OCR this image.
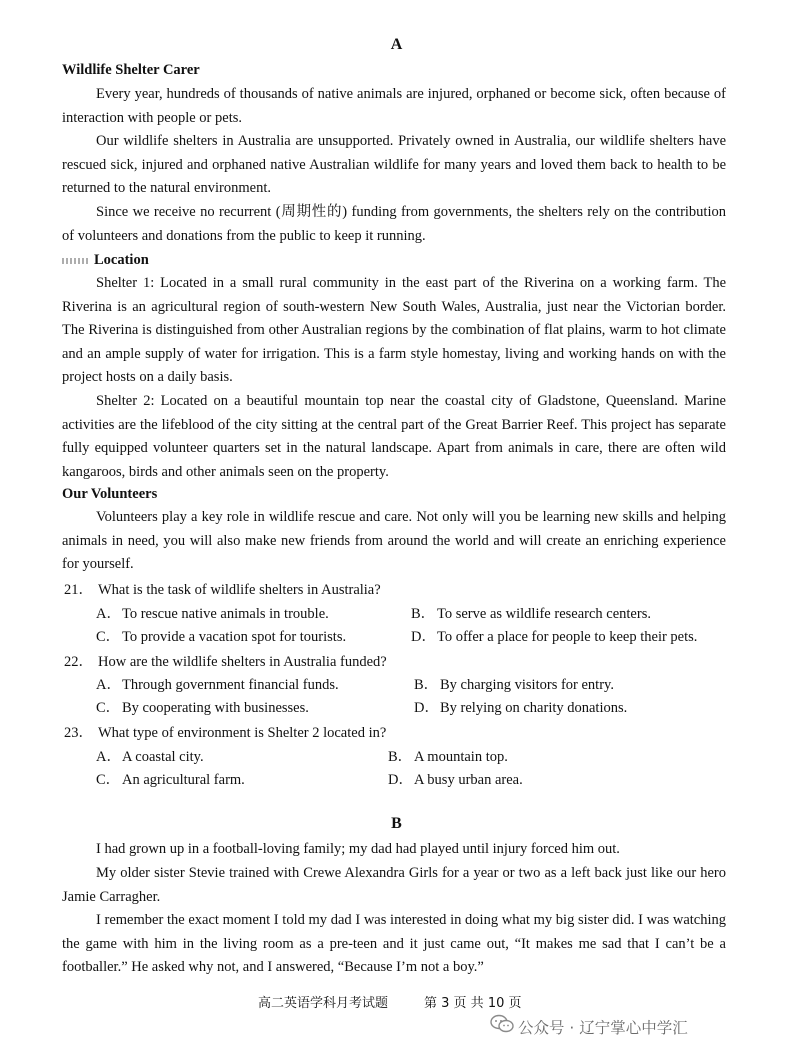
A
Wildlife Shelter Carer

Every year, hundreds of thousands of native animals are injured, orphaned or become sick, often because of interaction with people or pets.

Our wildlife shelters in Australia are unsupported. Privately owned in Australia, our wildlife shelters have rescued sick, injured and orphaned native Australian wildlife for many years and loved them back to health to be returned to the natural environment.

Since we receive no recurrent (周期性的) funding from governments, the shelters rely on the contribution of volunteers and donations from the public to keep it running.

Location

Shelter 1: Located in a small rural community in the east part of the Riverina on a working farm. The Riverina is an agricultural region of south-western New South Wales, Australia, just near the Victorian border. The Riverina is distinguished from other Australian regions by the combination of flat plains, warm to hot climate and an ample supply of water for irrigation. This is a farm style homestay, living and working hands on with the project hosts on a daily basis.

Shelter 2: Located on a beautiful mountain top near the coastal city of Gladstone, Queensland. Marine activities are the lifeblood of the city sitting at the central part of the Great Barrier Reef. This project has separate fully equipped volunteer quarters set in the natural landscape. Apart from animals in care, there are often wild kangaroos, birds and other animals seen on the property.

Our Volunteers

Volunteers play a key role in wildlife rescue and care. Not only will you be learning new skills and helping animals in need, you will also make new friends from around the world and will create an enriching experience for yourself.

21． What is the task of wildlife shelters in Australia?
A．To rescue native animals in trouble.	B． To serve as wildlife research centers.
C． To provide a vacation spot for tourists.	D．To offer a place for people to keep their pets.
22． How are the wildlife shelters in Australia funded?
A．Through government financial funds.	B． By charging visitors for entry.
C． By cooperating with businesses.	D．By relying on charity donations.
23． What type of environment is Shelter 2 located in?
A．A coastal city.	B． A mountain top.
C． An agricultural farm.	D．A busy urban area.
B

I had grown up in a football-loving family; my dad had played until injury forced him out.

My older sister Stevie trained with Crewe Alexandra Girls for a year or two as a left back just like our hero Jamie Carragher.

I remember the exact moment I told my dad I was interested in doing what my big sister did. I was watching the game with him in the living room as a pre-teen and it just came out, “It makes me sad that I can’t be a footballer.” He asked why not, and I answered, “Because I’m not a boy.”

高二英语学科月考试题	第 3 页 共 10 页
公众号 · 辽宁掌心中学汇
